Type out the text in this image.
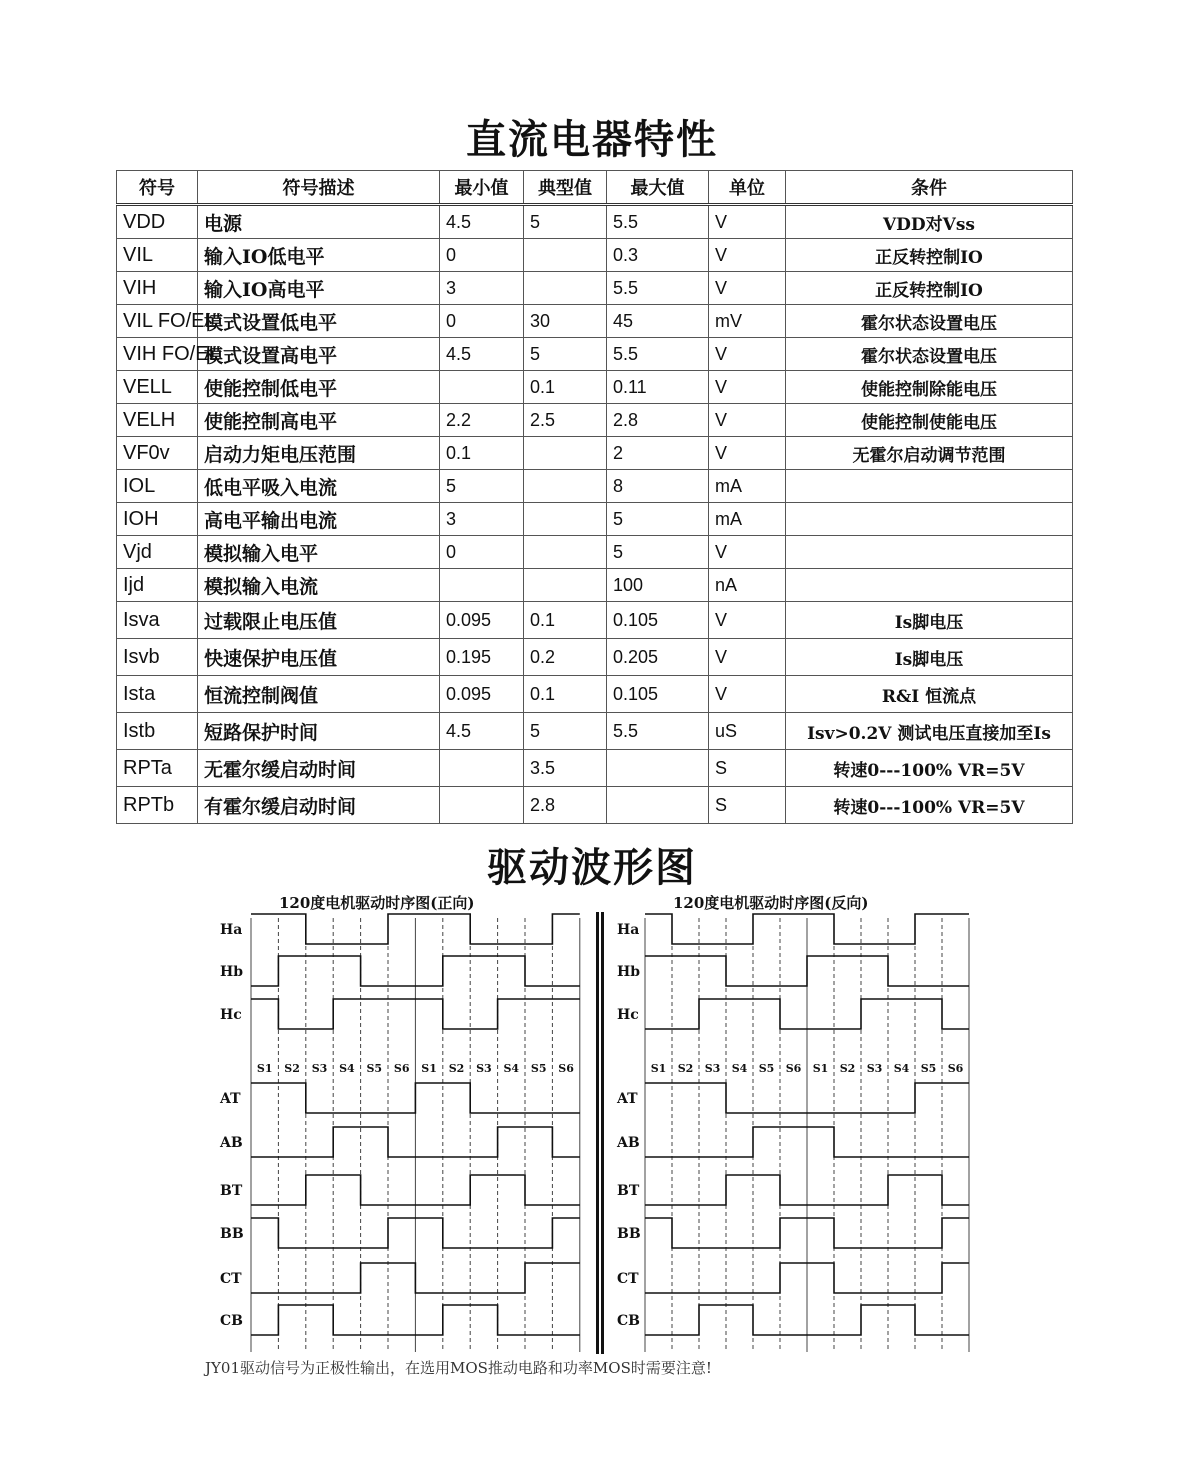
直流电器特性
符号	符号描述	最小值	典型值	最大值	单位	条件
VDD	电源	4.5	5	5.5	V	VDD对Vss
VIL	输入IO低电平	0		0.3	V	正反转控制IO
VIH	输入IO高电平	3		5.5	V	正反转控制IO
VIL FO/EL	模式设置低电平	0	30	45	mV	霍尔状态设置电压
VIH FO/EL	模式设置高电平	4.5	5	5.5	V	霍尔状态设置电压
VELL	使能控制低电平		0.1	0.11	V	使能控制除能电压
VELH	使能控制高电平	2.2	2.5	2.8	V	使能控制使能电压
VF0v	启动力矩电压范围	0.1		2	V	无霍尔启动调节范围
IOL	低电平吸入电流	5		8	mA	
IOH	高电平输出电流	3		5	mA	
Vjd	模拟输入电平	0		5	V	
Ijd	模拟输入电流			100	nA	
Isva	过载限止电压值	0.095	0.1	0.105	V	Is脚电压
Isvb	快速保护电压值	0.195	0.2	0.205	V	Is脚电压
Ista	恒流控制阀值	0.095	0.1	0.105	V	R&I 恒流点
Istb	短路保护时间	4.5	5	5.5	uS	Isv>0.2V 测试电压直接加至Is
RPTa	无霍尔缓启动时间		3.5		S	转速0---100% VR=5V
RPTb	有霍尔缓启动时间		2.8		S	转速0---100% VR=5V
驱动波形图
120度电机驱动时序图(正向)
S1 S2 S3 S4 S5 S6 S1 S2 S3 S4 S5 S6
Ha
Hb
Hc
AT
AB
BT
BB
CT
CB
120度电机驱动时序图(反向)
S1 S2 S3 S4 S5 S6 S1 S2 S3 S4 S5 S6
Ha
Hb
Hc
AT
AB
BT
BB
CT
CB
JY01驱动信号为正极性输出，在选用MOS推动电路和功率MOS时需要注意!
